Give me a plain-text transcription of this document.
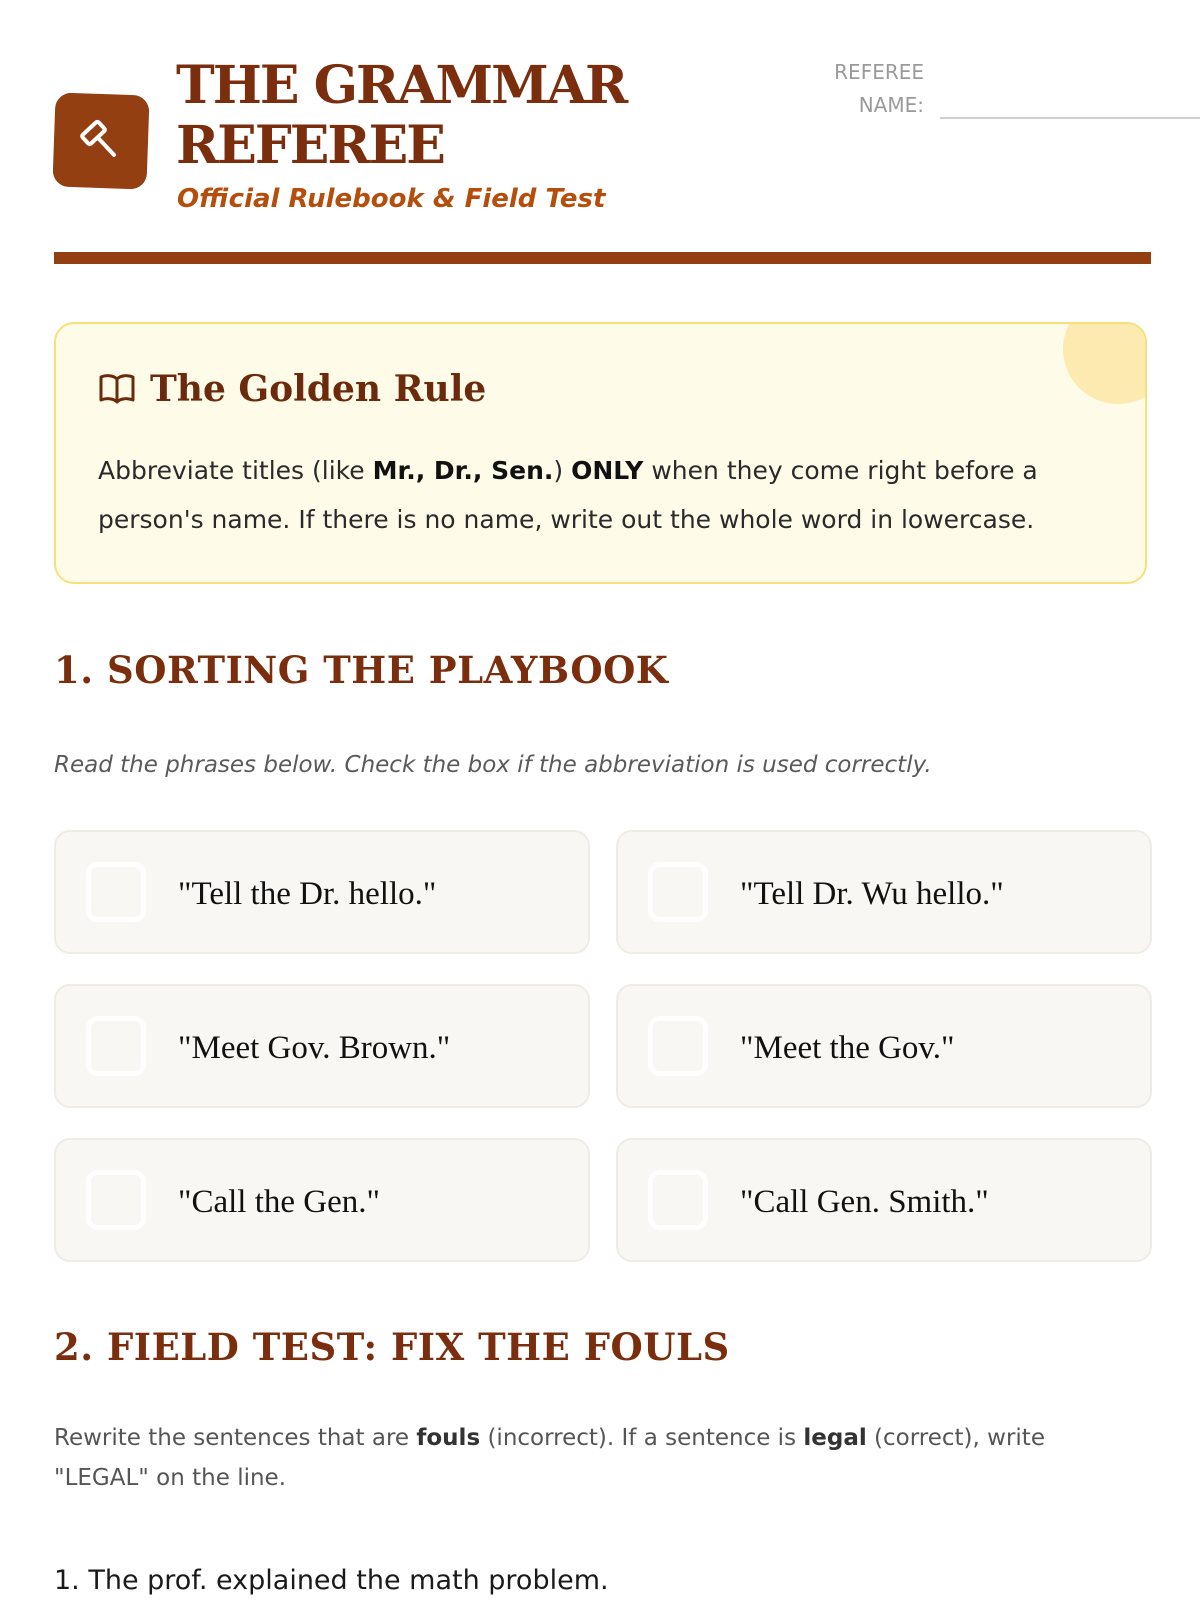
THE GRAMMAR REFEREE
Official Rulebook & Field Test
REFEREE
NAME:
The Golden Rule
Abbreviate titles (like Mr., Dr., Sen.) ONLY when they come right before a person's name. If there is no name, write out the whole word in lowercase.
1. SORTING THE PLAYBOOK
Read the phrases below. Check the box if the abbreviation is used correctly.
"Tell the Dr. hello."	"Tell Dr. Wu hello."
"Meet Gov. Brown."	"Meet the Gov."
"Call the Gen."	"Call Gen. Smith."
2. FIELD TEST: FIX THE FOULS
Rewrite the sentences that are fouls (incorrect). If a sentence is legal (correct), write "LEGAL" on the line.
1. The prof. explained the math problem.
